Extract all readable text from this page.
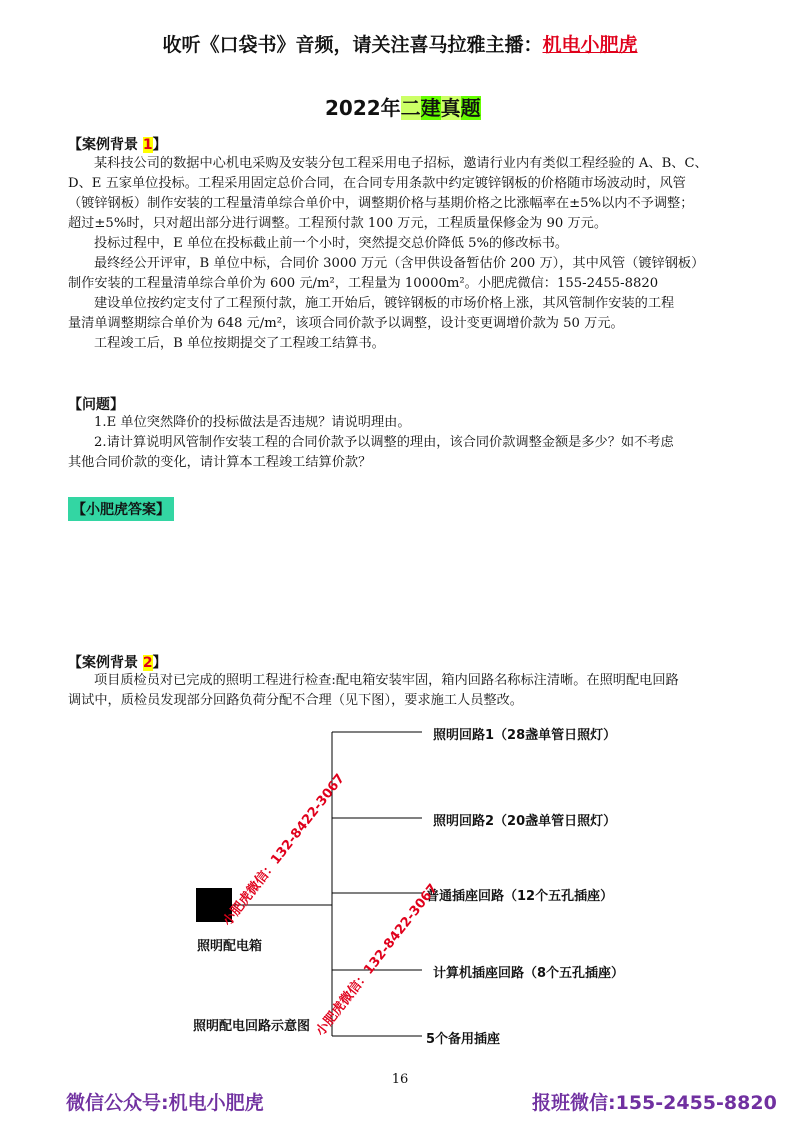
收听《口袋书》音频，请关注喜马拉雅主播：机电小肥虎
2022年二建真题
【案例背景 1】
某科技公司的数据中心机电采购及安装分包工程采用电子招标，邀请行业内有类似工程经验的 A、B、C、
D、E 五家单位投标。工程采用固定总价合同，在合同专用条款中约定镀锌钢板的价格随市场波动时，风管
（镀锌钢板）制作安装的工程量清单综合单价中，调整期价格与基期价格之比涨幅率在±5%以内不予调整；
超过±5%时，只对超出部分进行调整。工程预付款 100 万元，工程质量保修金为 90 万元。
投标过程中，E 单位在投标截止前一个小时，突然提交总价降低 5%的修改标书。
最终经公开评审，B 单位中标，合同价 3000 万元（含甲供设备暂估价 200 万），其中风管（镀锌钢板）
制作安装的工程量清单综合单价为 600 元/m²，工程量为 10000m²。小肥虎微信：155-2455-8820
建设单位按约定支付了工程预付款，施工开始后，镀锌钢板的市场价格上涨，其风管制作安装的工程
量清单调整期综合单价为 648 元/m²，该项合同价款予以调整，设计变更调增价款为 50 万元。
工程竣工后，B 单位按期提交了工程竣工结算书。
【问题】
1.E 单位突然降价的投标做法是否违规？请说明理由。
2.请计算说明风管制作安装工程的合同价款予以调整的理由，该合同价款调整金额是多少？如不考虑
其他合同价款的变化，请计算本工程竣工结算价款？
【小肥虎答案】
【案例背景 2】
项目质检员对已完成的照明工程进行检查:配电箱安装牢固，箱内回路名称标注清晰。在照明配电回路
调试中，质检员发现部分回路负荷分配不合理（见下图），要求施工人员整改。
照明回路1（28盏单管日照灯）
照明回路2（20盏单管日照灯）
普通插座回路（12个五孔插座）
计算机插座回路（8个五孔插座）
5个备用插座
照明配电箱
照明配电回路示意图
小肥虎微信：132-8422-3067
小肥虎微信：132-8422-3067
16
微信公众号:机电小肥虎	报班微信:155-2455-8820
